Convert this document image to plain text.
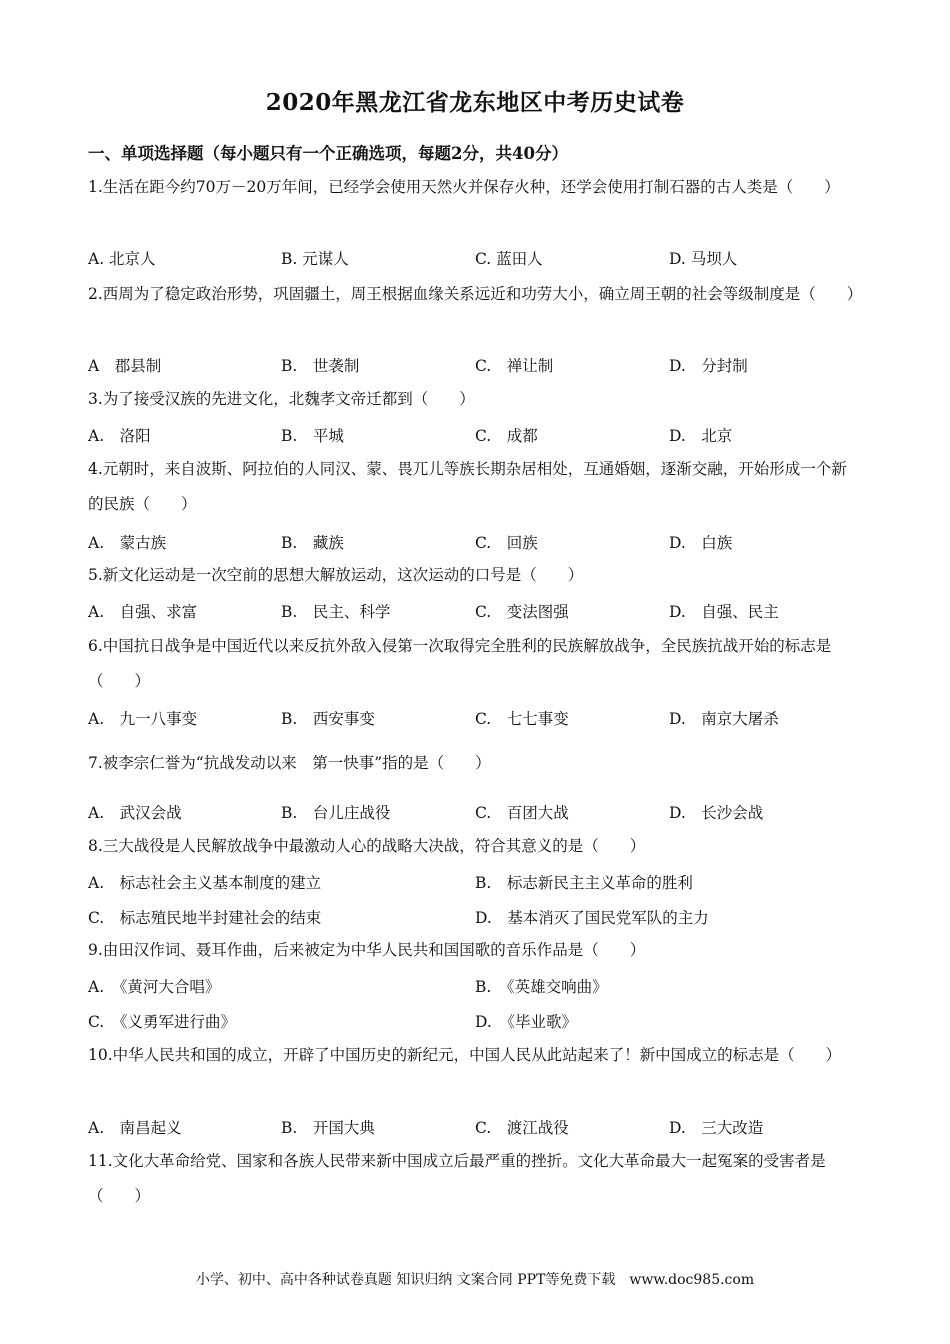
2020年黑龙江省龙东地区中考历史试卷
一、单项选择题（每小题只有一个正确选项，每题2分，共40分）

1.生活在距今约70万－20万年间，已经学会使用天然火并保存火种，还学会使用打制石器的古人类是（　　）

A. 北京人	B. 元谋人	C. 蓝田人	D. 马坝人

2.西周为了稳定政治形势，巩固疆土，周王根据血缘关系远近和功劳大小，确立周王朝的社会等级制度是（　　）

A　郡县制	B.　世袭制	C.　禅让制	D.　分封制

3.为了接受汉族的先进文化，北魏孝文帝迁都到（　　）

A.　洛阳	B.　平城	C.　成都	D.　北京

4.元朝时，来自波斯、阿拉伯的人同汉、蒙、畏兀儿等族长期杂居相处，互通婚姻，逐渐交融，开始形成一个新的民族（　　）

A.　蒙古族	B.　藏族	C.　回族	D.　白族

5.新文化运动是一次空前的思想大解放运动，这次运动的口号是（　　）

A.　自强、求富	B.　民主、科学	C.　变法图强	D.　自强、民主

6.中国抗日战争是中国近代以来反抗外敌入侵第一次取得完全胜利的民族解放战争，全民族抗战开始的标志是（　　）

A.　九一八事变	B.　西安事变	C.　七七事变	D.　南京大屠杀

7.被李宗仁誉为“抗战发动以来　第一快事”指的是（　　）

A.　武汉会战	B.　台儿庄战役	C.　百团大战	D.　长沙会战

8.三大战役是人民解放战争中最激动人心的战略大决战，符合其意义的是（　　）

A.　标志社会主义基本制度的建立	B.　标志新民主主义革命的胜利
C.　标志殖民地半封建社会的结束	D.　基本消灭了国民党军队的主力

9.由田汉作词、聂耳作曲，后来被定为中华人民共和国国歌的音乐作品是（　　）

A.　《黄河大合唱》	B.　《英雄交响曲》
C.　《义勇军进行曲》	D.　《毕业歌》

10.中华人民共和国的成立，开辟了中国历史的新纪元，中国人民从此站起来了！新中国成立的标志是（　　）

A.　南昌起义	B.　开国大典	C.　渡江战役	D.　三大改造

11.文化大革命给党、国家和各族人民带来新中国成立后最严重的挫折。文化大革命最大一起冤案的受害者是（　　）

小学、初中、高中各种试卷真题 知识归纳 文案合同 PPT等免费下载　www.doc985.com
